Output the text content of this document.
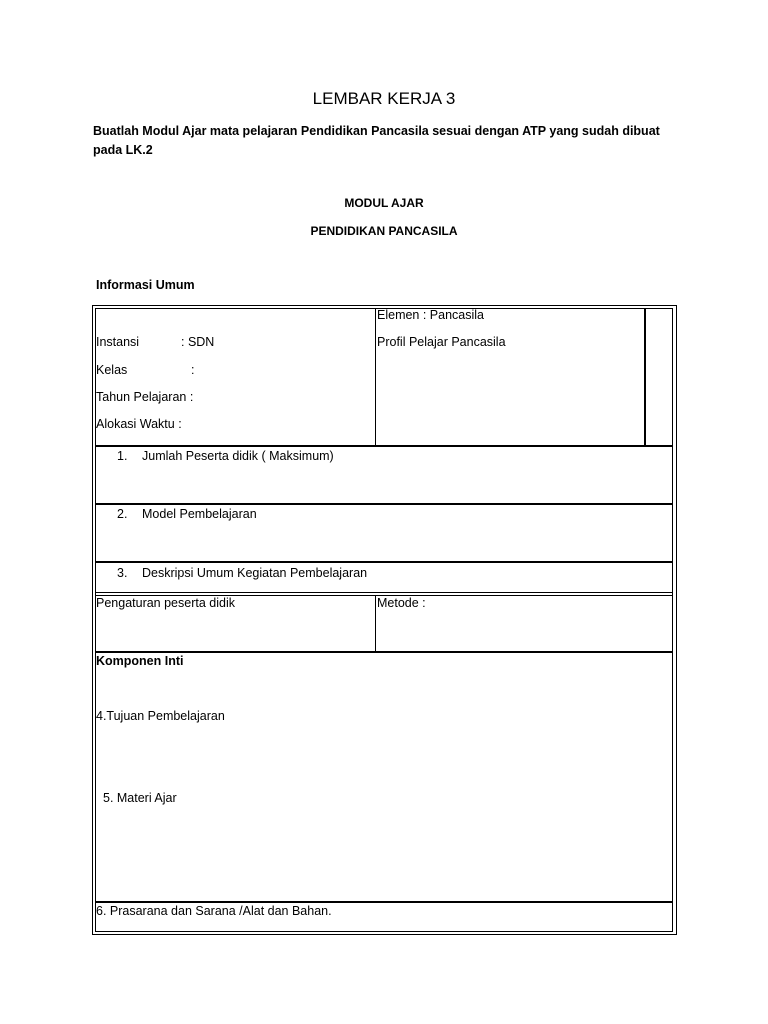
LEMBAR KERJA 3
Buatlah Modul Ajar mata pelajaran Pendidikan Pancasila sesuai dengan ATP yang sudah dibuat pada LK.2
MODUL AJAR
PENDIDIKAN PANCASILA
Informasi Umum
Instansi	: SDN
Kelas	:
Tahun Pelajaran :
Alokasi Waktu :
Elemen : Pancasila
Profil Pelajar Pancasila
1. Jumlah Peserta didik ( Maksimum)
2. Model Pembelajaran
3. Deskripsi Umum Kegiatan Pembelajaran
Pengaturan peserta didik	Metode :
Komponen Inti
4.Tujuan Pembelajaran
5. Materi Ajar
6. Prasarana dan Sarana /Alat dan Bahan.
